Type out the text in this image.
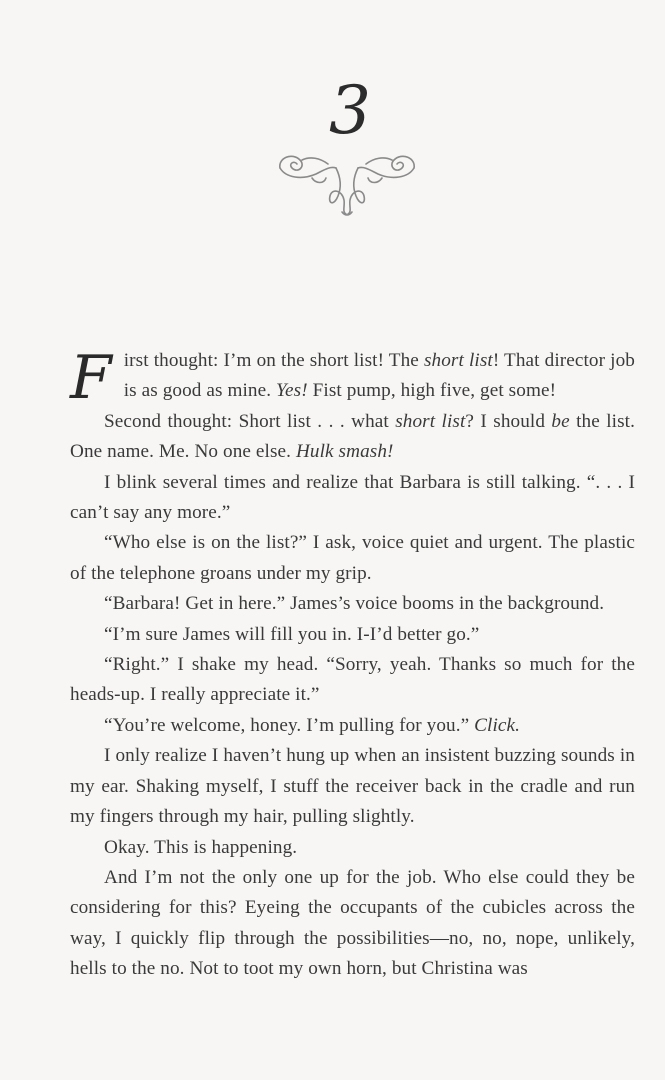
3

First thought: I’m on the short list! The short list! That director job is as good as mine. Yes! Fist pump, high five, get some!

Second thought: Short list . . . what short list? I should be the list. One name. Me. No one else. Hulk smash!

I blink several times and realize that Barbara is still talking. “. . . I can’t say any more.”

“Who else is on the list?” I ask, voice quiet and urgent. The plastic of the telephone groans under my grip.

“Barbara! Get in here.” James’s voice booms in the background.

“I’m sure James will fill you in. I-I’d better go.”

“Right.” I shake my head. “Sorry, yeah. Thanks so much for the heads-up. I really appreciate it.”

“You’re welcome, honey. I’m pulling for you.” Click.

I only realize I haven’t hung up when an insistent buzzing sounds in my ear. Shaking myself, I stuff the receiver back in the cradle and run my fingers through my hair, pulling slightly.

Okay. This is happening.

And I’m not the only one up for the job. Who else could they be considering for this? Eyeing the occupants of the cubicles across the way, I quickly flip through the possibilities—no, no, nope, unlikely, hells to the no. Not to toot my own horn, but Christina was
